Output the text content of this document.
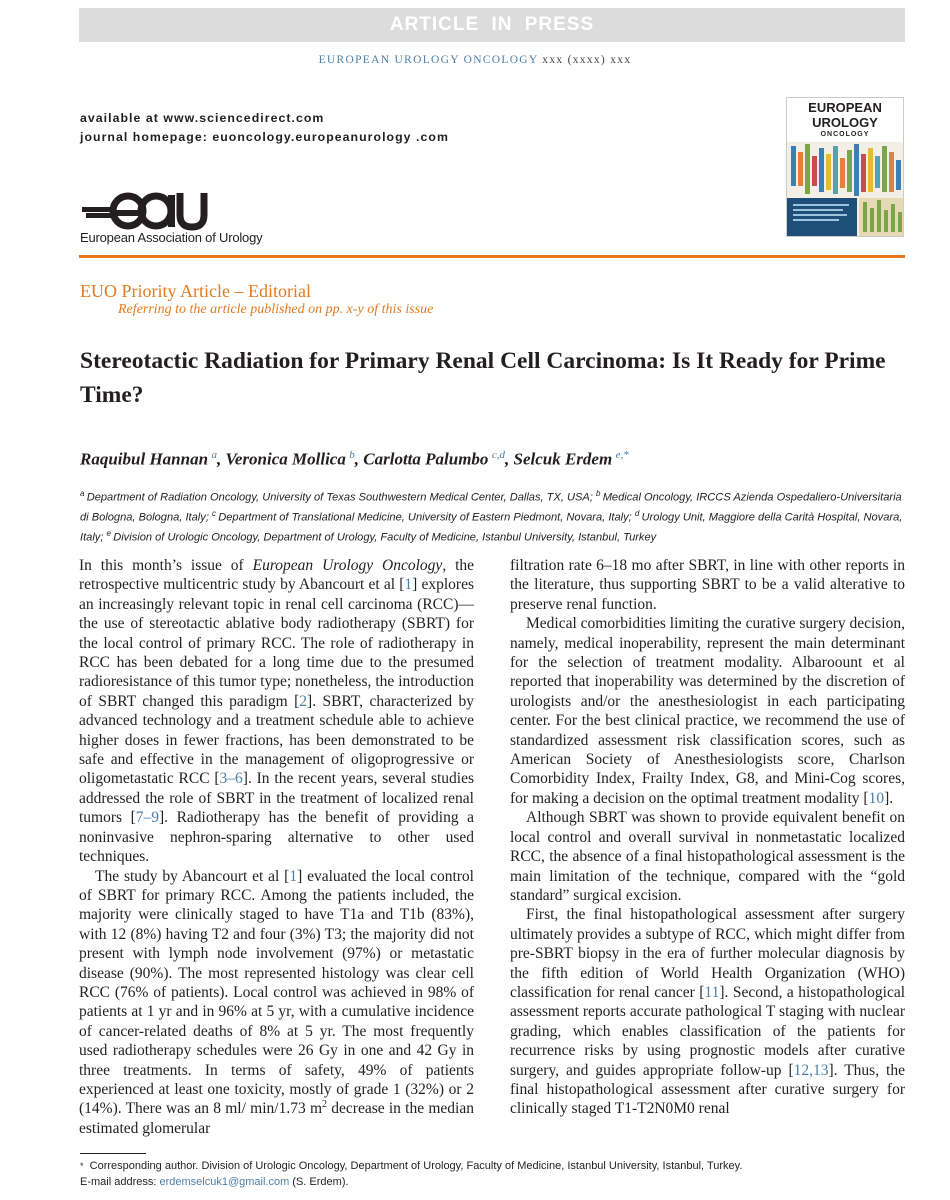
ARTICLE IN PRESS
EUROPEAN UROLOGY ONCOLOGY xxx (xxxx) xxx
available at www.sciencedirect.com
journal homepage: euoncology.europeanurology .com
European Association of Urology
EUROPEAN
UROLOGY
ONCOLOGY
EUO Priority Article – Editorial
Referring to the article published on pp. x-y of this issue
Stereotactic Radiation for Primary Renal Cell Carcinoma: Is It Ready for Prime Time?
Raquibul Hannan  $^a$, Veronica Mollica  $^b$, Carlotta Palumbo  $^{c,d}$, Selcuk Erdem  $^{e,*}$
$^a$  Department of Radiation Oncology, University of Texas Southwestern Medical Center, Dallas, TX, USA; $^b$  Medical Oncology, IRCCS Azienda Ospedaliero-Universitaria di Bologna, Bologna, Italy; $^c$  Department of Translational Medicine, University of Eastern Piedmont, Novara, Italy; $^d$  Urology Unit, Maggiore della Carità Hospital, Novara, Italy; $^e$  Division of Urologic Oncology, Department of Urology, Faculty of Medicine, Istanbul University, Istanbul, Turkey

In this month’s issue of European Urology Oncology, the retrospective multicentric study by Abancourt et al [1] explores an increasingly relevant topic in renal cell carcinoma (RCC)—the use of stereotactic ablative body radiotherapy (SBRT) for the local control of primary RCC. The role of radiotherapy in RCC has been debated for a long time due to the presumed radioresistance of this tumor type; nonetheless, the introduction of SBRT changed this paradigm [2]. SBRT, characterized by advanced technology and a treatment schedule able to achieve higher doses in fewer fractions, has been demonstrated to be safe and effective in the management of oligoprogressive or oligometastatic RCC [3–6]. In the recent years, several studies addressed the role of SBRT in the treatment of localized renal tumors [7–9]. Radiotherapy has the benefit of providing a noninvasive nephron-sparing alternative to other used techniques.

The study by Abancourt et al [1] evaluated the local control of SBRT for primary RCC. Among the patients included, the majority were clinically staged to have T1a and T1b (83%), with 12 (8%) having T2 and four (3%) T3; the majority did not present with lymph node involvement (97%) or metastatic disease (90%). The most represented histology was clear cell RCC (76% of patients). Local control was achieved in 98% of patients at 1 yr and in 96% at 5 yr, with a cumulative incidence of cancer-related deaths of 8% at 5 yr. The most frequently used radiotherapy schedules were 26 Gy in one and 42 Gy in three treatments. In terms of safety, 49% of patients experienced at least one toxicity, mostly of grade 1 (32%) or 2 (14%). There was an 8 ml/ min/1.73 $m^2$ decrease in the median estimated glomerular

filtration rate 6–18 mo after SBRT, in line with other reports in the literature, thus supporting SBRT to be a valid alterative to preserve renal function.

Medical comorbidities limiting the curative surgery decision, namely, medical inoperability, represent the main determinant for the selection of treatment modality. Albaroount et al reported that inoperability was determined by the discretion of urologists and/or the anesthesiologist in each participating center. For the best clinical practice, we recommend the use of standardized assessment risk classification scores, such as American Society of Anesthesiologists score, Charlson Comorbidity Index, Frailty Index, G8, and Mini-Cog scores, for making a decision on the optimal treatment modality [10].

Although SBRT was shown to provide equivalent benefit on local control and overall survival in nonmetastatic localized RCC, the absence of a final histopathological assessment is the main limitation of the technique, compared with the “gold standard” surgical excision.

First, the final histopathological assessment after surgery ultimately provides a subtype of RCC, which might differ from pre-SBRT biopsy in the era of further molecular diagnosis by the fifth edition of World Health Organization (WHO) classification for renal cancer [11]. Second, a histopathological assessment reports accurate pathological T staging with nuclear grading, which enables classification of the patients for recurrence risks by using prognostic models after curative surgery, and guides appropriate follow-up [12,13]. Thus, the final histopathological assessment after curative surgery for clinically staged T1-T2N0M0 renal

* Corresponding author. Division of Urologic Oncology, Department of Urology, Faculty of Medicine, Istanbul University, Istanbul, Turkey.
E-mail address: erdemselcuk1@gmail.com (S. Erdem).
